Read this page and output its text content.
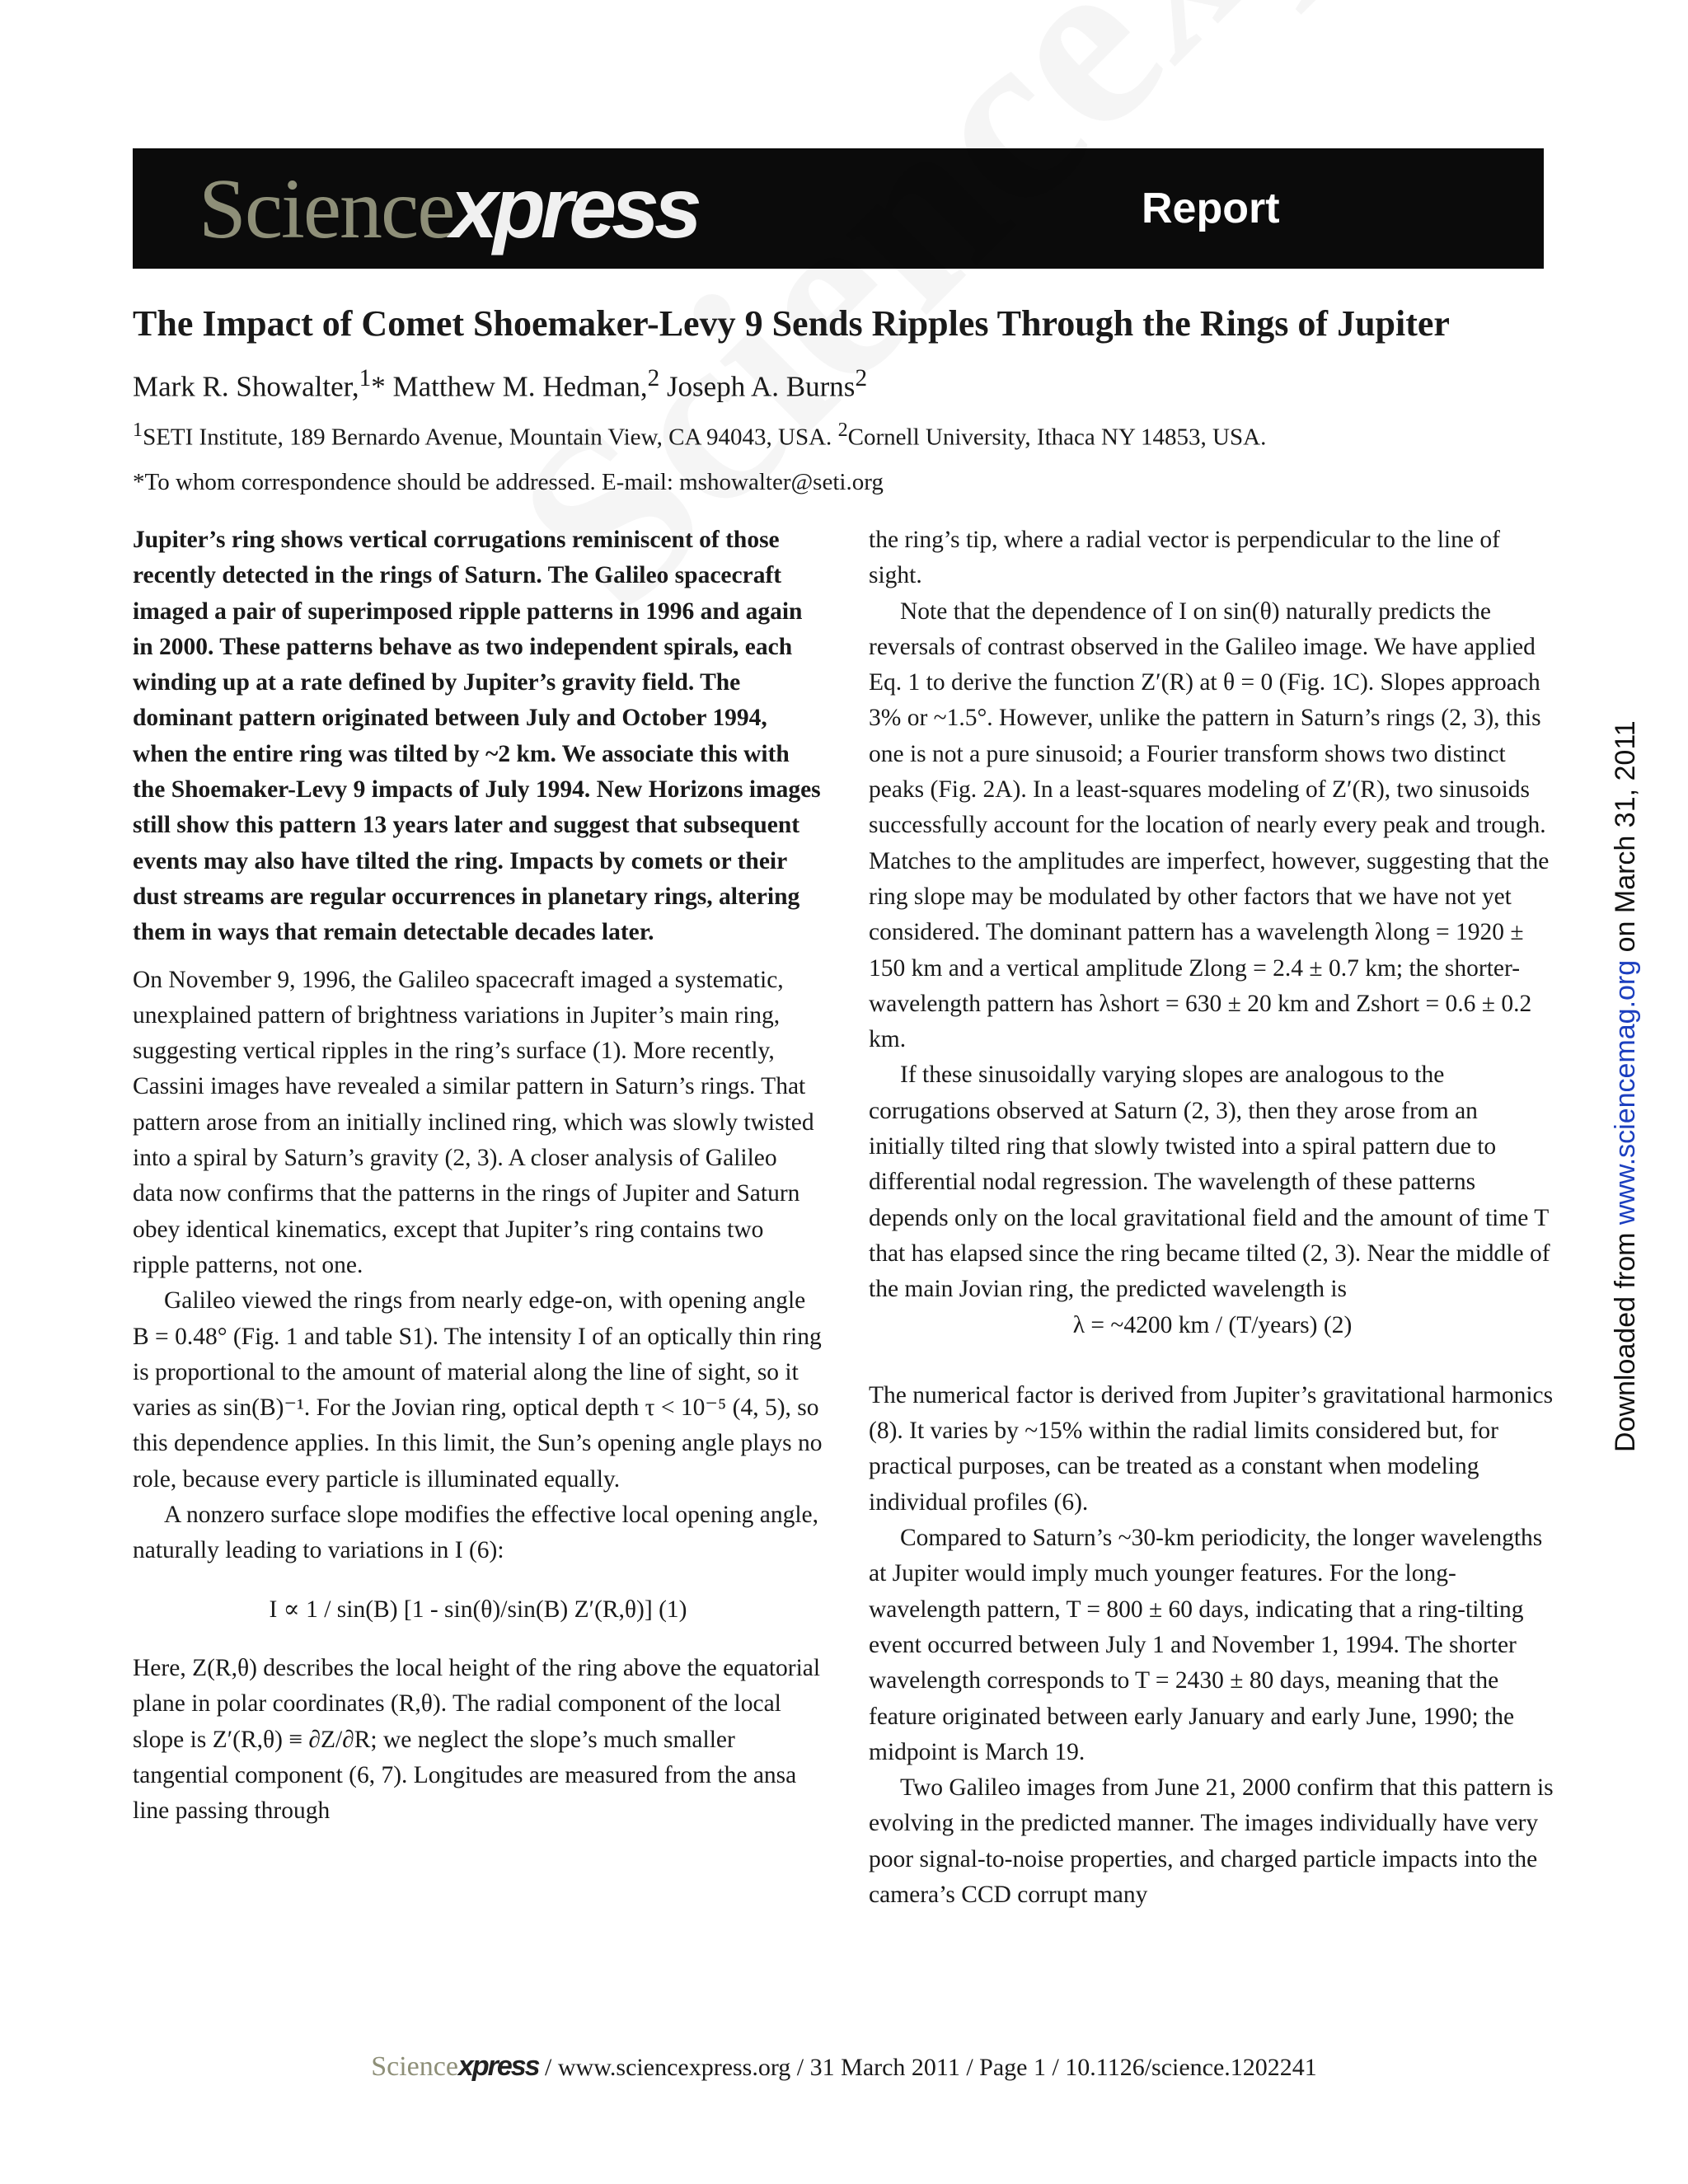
Sciencexpress	Report
The Impact of Comet Shoemaker-Levy 9 Sends Ripples Through the Rings of Jupiter
Mark R. Showalter,$^1$* Matthew M. Hedman,$^2$ Joseph A. Burns$^2$
$^1$SETI Institute, 189 Bernardo Avenue, Mountain View, CA 94043, USA. $^2$Cornell University, Ithaca NY 14853, USA.
*To whom correspondence should be addressed. E-mail: mshowalter@seti.org

Jupiter’s ring shows vertical corrugations reminiscent of those recently detected in the rings of Saturn. The Galileo spacecraft imaged a pair of superimposed ripple patterns in 1996 and again in 2000. These patterns behave as two independent spirals, each winding up at a rate defined by Jupiter’s gravity field. The dominant pattern originated between July and October 1994, when the entire ring was tilted by ~2 km. We associate this with the Shoemaker-Levy 9 impacts of July 1994. New Horizons images still show this pattern 13 years later and suggest that subsequent events may also have tilted the ring. Impacts by comets or their dust streams are regular occurrences in planetary rings, altering them in ways that remain detectable decades later.

On November 9, 1996, the Galileo spacecraft imaged a systematic, unexplained pattern of brightness variations in Jupiter’s main ring, suggesting vertical ripples in the ring’s surface (1). More recently, Cassini images have revealed a similar pattern in Saturn’s rings. That pattern arose from an initially inclined ring, which was slowly twisted into a spiral by Saturn’s gravity (2, 3). A closer analysis of Galileo data now confirms that the patterns in the rings of Jupiter and Saturn obey identical kinematics, except that Jupiter’s ring contains two ripple patterns, not one.

Galileo viewed the rings from nearly edge-on, with opening angle B = 0.48° (Fig. 1 and table S1). The intensity I of an optically thin ring is proportional to the amount of material along the line of sight, so it varies as sin(B)⁻¹. For the Jovian ring, optical depth τ < 10⁻⁵ (4, 5), so this dependence applies. In this limit, the Sun’s opening angle plays no role, because every particle is illuminated equally.

A nonzero surface slope modifies the effective local opening angle, naturally leading to variations in I (6):

I ∝ 1 / sin(B) [1 - sin(θ)/sin(B) Z′(R,θ)] (1)

Here, Z(R,θ) describes the local height of the ring above the equatorial plane in polar coordinates (R,θ). The radial component of the local slope is Z′(R,θ) ≡ ∂Z/∂R; we neglect the slope’s much smaller tangential component (6, 7). Longitudes are measured from the ansa line passing through

the ring’s tip, where a radial vector is perpendicular to the line of sight.

Note that the dependence of I on sin(θ) naturally predicts the reversals of contrast observed in the Galileo image. We have applied Eq. 1 to derive the function Z′(R) at θ = 0 (Fig. 1C). Slopes approach 3% or ~1.5°. However, unlike the pattern in Saturn’s rings (2, 3), this one is not a pure sinusoid; a Fourier transform shows two distinct peaks (Fig. 2A). In a least-squares modeling of Z′(R), two sinusoids successfully account for the location of nearly every peak and trough. Matches to the amplitudes are imperfect, however, suggesting that the ring slope may be modulated by other factors that we have not yet considered. The dominant pattern has a wavelength λlong = 1920 ± 150 km and a vertical amplitude Zlong = 2.4 ± 0.7 km; the shorter-wavelength pattern has λshort = 630 ± 20 km and Zshort = 0.6 ± 0.2 km.

If these sinusoidally varying slopes are analogous to the corrugations observed at Saturn (2, 3), then they arose from an initially tilted ring that slowly twisted into a spiral pattern due to differential nodal regression. The wavelength of these patterns depends only on the local gravitational field and the amount of time T that has elapsed since the ring became tilted (2, 3). Near the middle of the main Jovian ring, the predicted wavelength is

λ = ~4200 km / (T/years) (2)

The numerical factor is derived from Jupiter’s gravitational harmonics (8). It varies by ~15% within the radial limits considered but, for practical purposes, can be treated as a constant when modeling individual profiles (6).

Compared to Saturn’s ~30-km periodicity, the longer wavelengths at Jupiter would imply much younger features. For the long-wavelength pattern, T = 800 ± 60 days, indicating that a ring-tilting event occurred between July 1 and November 1, 1994. The shorter wavelength corresponds to T = 2430 ± 80 days, meaning that the feature originated between early January and early June, 1990; the midpoint is March 19.

Two Galileo images from June 21, 2000 confirm that this pattern is evolving in the predicted manner. The images individually have very poor signal-to-noise properties, and charged particle impacts into the camera’s CCD corrupt many

Downloaded from www.sciencemag.org on March 31, 2011
Sciencexpress / www.sciencexpress.org / 31 March 2011 / Page 1 / 10.1126/science.1202241
